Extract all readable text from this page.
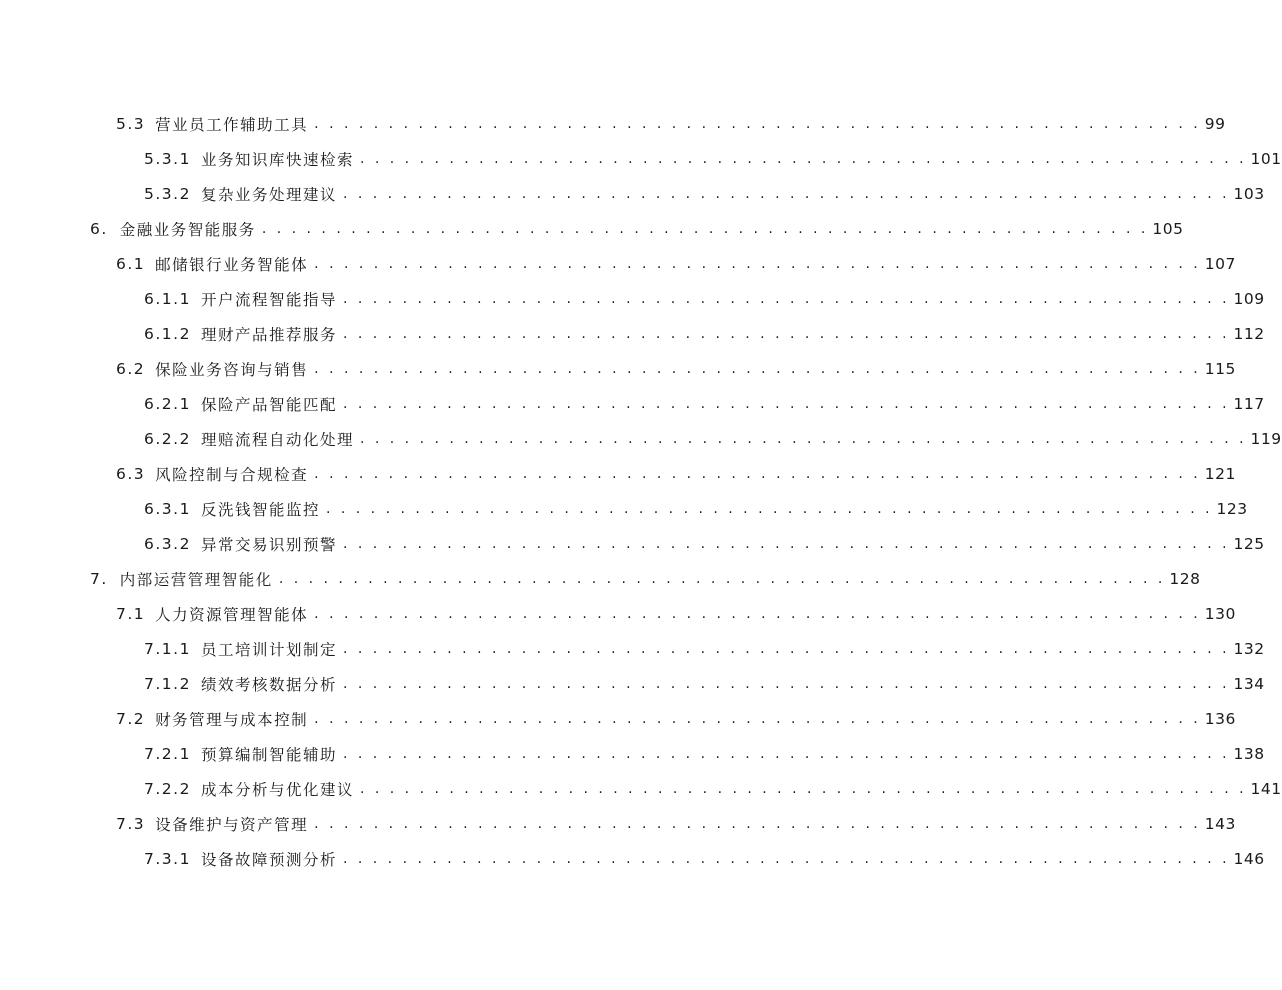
5.3 营业员工作辅助工具 . . . . . . . . . . . . . . . . . . . . . . . . . . . . . . . . . . . . . . . . . . . . . . . . . . . . . . . . . . . . 99
5.3.1 业务知识库快速检索 . . . . . . . . . . . . . . . . . . . . . . . . . . . . . . . . . . . . . . . . . . . . . . . . . . . . . . . . . . . . 101
5.3.2 复杂业务处理建议 . . . . . . . . . . . . . . . . . . . . . . . . . . . . . . . . . . . . . . . . . . . . . . . . . . . . . . . . . . . . 103
6. 金融业务智能服务 . . . . . . . . . . . . . . . . . . . . . . . . . . . . . . . . . . . . . . . . . . . . . . . . . . . . . . . . . . . . 105
6.1 邮储银行业务智能体 . . . . . . . . . . . . . . . . . . . . . . . . . . . . . . . . . . . . . . . . . . . . . . . . . . . . . . . . . . . . 107
6.1.1 开户流程智能指导 . . . . . . . . . . . . . . . . . . . . . . . . . . . . . . . . . . . . . . . . . . . . . . . . . . . . . . . . . . . . 109
6.1.2 理财产品推荐服务 . . . . . . . . . . . . . . . . . . . . . . . . . . . . . . . . . . . . . . . . . . . . . . . . . . . . . . . . . . . . 112
6.2 保险业务咨询与销售 . . . . . . . . . . . . . . . . . . . . . . . . . . . . . . . . . . . . . . . . . . . . . . . . . . . . . . . . . . . . 115
6.2.1 保险产品智能匹配 . . . . . . . . . . . . . . . . . . . . . . . . . . . . . . . . . . . . . . . . . . . . . . . . . . . . . . . . . . . . 117
6.2.2 理赔流程自动化处理 . . . . . . . . . . . . . . . . . . . . . . . . . . . . . . . . . . . . . . . . . . . . . . . . . . . . . . . . . . . . 119
6.3 风险控制与合规检查 . . . . . . . . . . . . . . . . . . . . . . . . . . . . . . . . . . . . . . . . . . . . . . . . . . . . . . . . . . . . 121
6.3.1 反洗钱智能监控 . . . . . . . . . . . . . . . . . . . . . . . . . . . . . . . . . . . . . . . . . . . . . . . . . . . . . . . . . . . . 123
6.3.2 异常交易识别预警 . . . . . . . . . . . . . . . . . . . . . . . . . . . . . . . . . . . . . . . . . . . . . . . . . . . . . . . . . . . . 125
7. 内部运营管理智能化 . . . . . . . . . . . . . . . . . . . . . . . . . . . . . . . . . . . . . . . . . . . . . . . . . . . . . . . . . . . . 128
7.1 人力资源管理智能体 . . . . . . . . . . . . . . . . . . . . . . . . . . . . . . . . . . . . . . . . . . . . . . . . . . . . . . . . . . . . 130
7.1.1 员工培训计划制定 . . . . . . . . . . . . . . . . . . . . . . . . . . . . . . . . . . . . . . . . . . . . . . . . . . . . . . . . . . . . 132
7.1.2 绩效考核数据分析 . . . . . . . . . . . . . . . . . . . . . . . . . . . . . . . . . . . . . . . . . . . . . . . . . . . . . . . . . . . . 134
7.2 财务管理与成本控制 . . . . . . . . . . . . . . . . . . . . . . . . . . . . . . . . . . . . . . . . . . . . . . . . . . . . . . . . . . . . 136
7.2.1 预算编制智能辅助 . . . . . . . . . . . . . . . . . . . . . . . . . . . . . . . . . . . . . . . . . . . . . . . . . . . . . . . . . . . . 138
7.2.2 成本分析与优化建议 . . . . . . . . . . . . . . . . . . . . . . . . . . . . . . . . . . . . . . . . . . . . . . . . . . . . . . . . . . . . 141
7.3 设备维护与资产管理 . . . . . . . . . . . . . . . . . . . . . . . . . . . . . . . . . . . . . . . . . . . . . . . . . . . . . . . . . . . . 143
7.3.1 设备故障预测分析 . . . . . . . . . . . . . . . . . . . . . . . . . . . . . . . . . . . . . . . . . . . . . . . . . . . . . . . . . . . . 146
